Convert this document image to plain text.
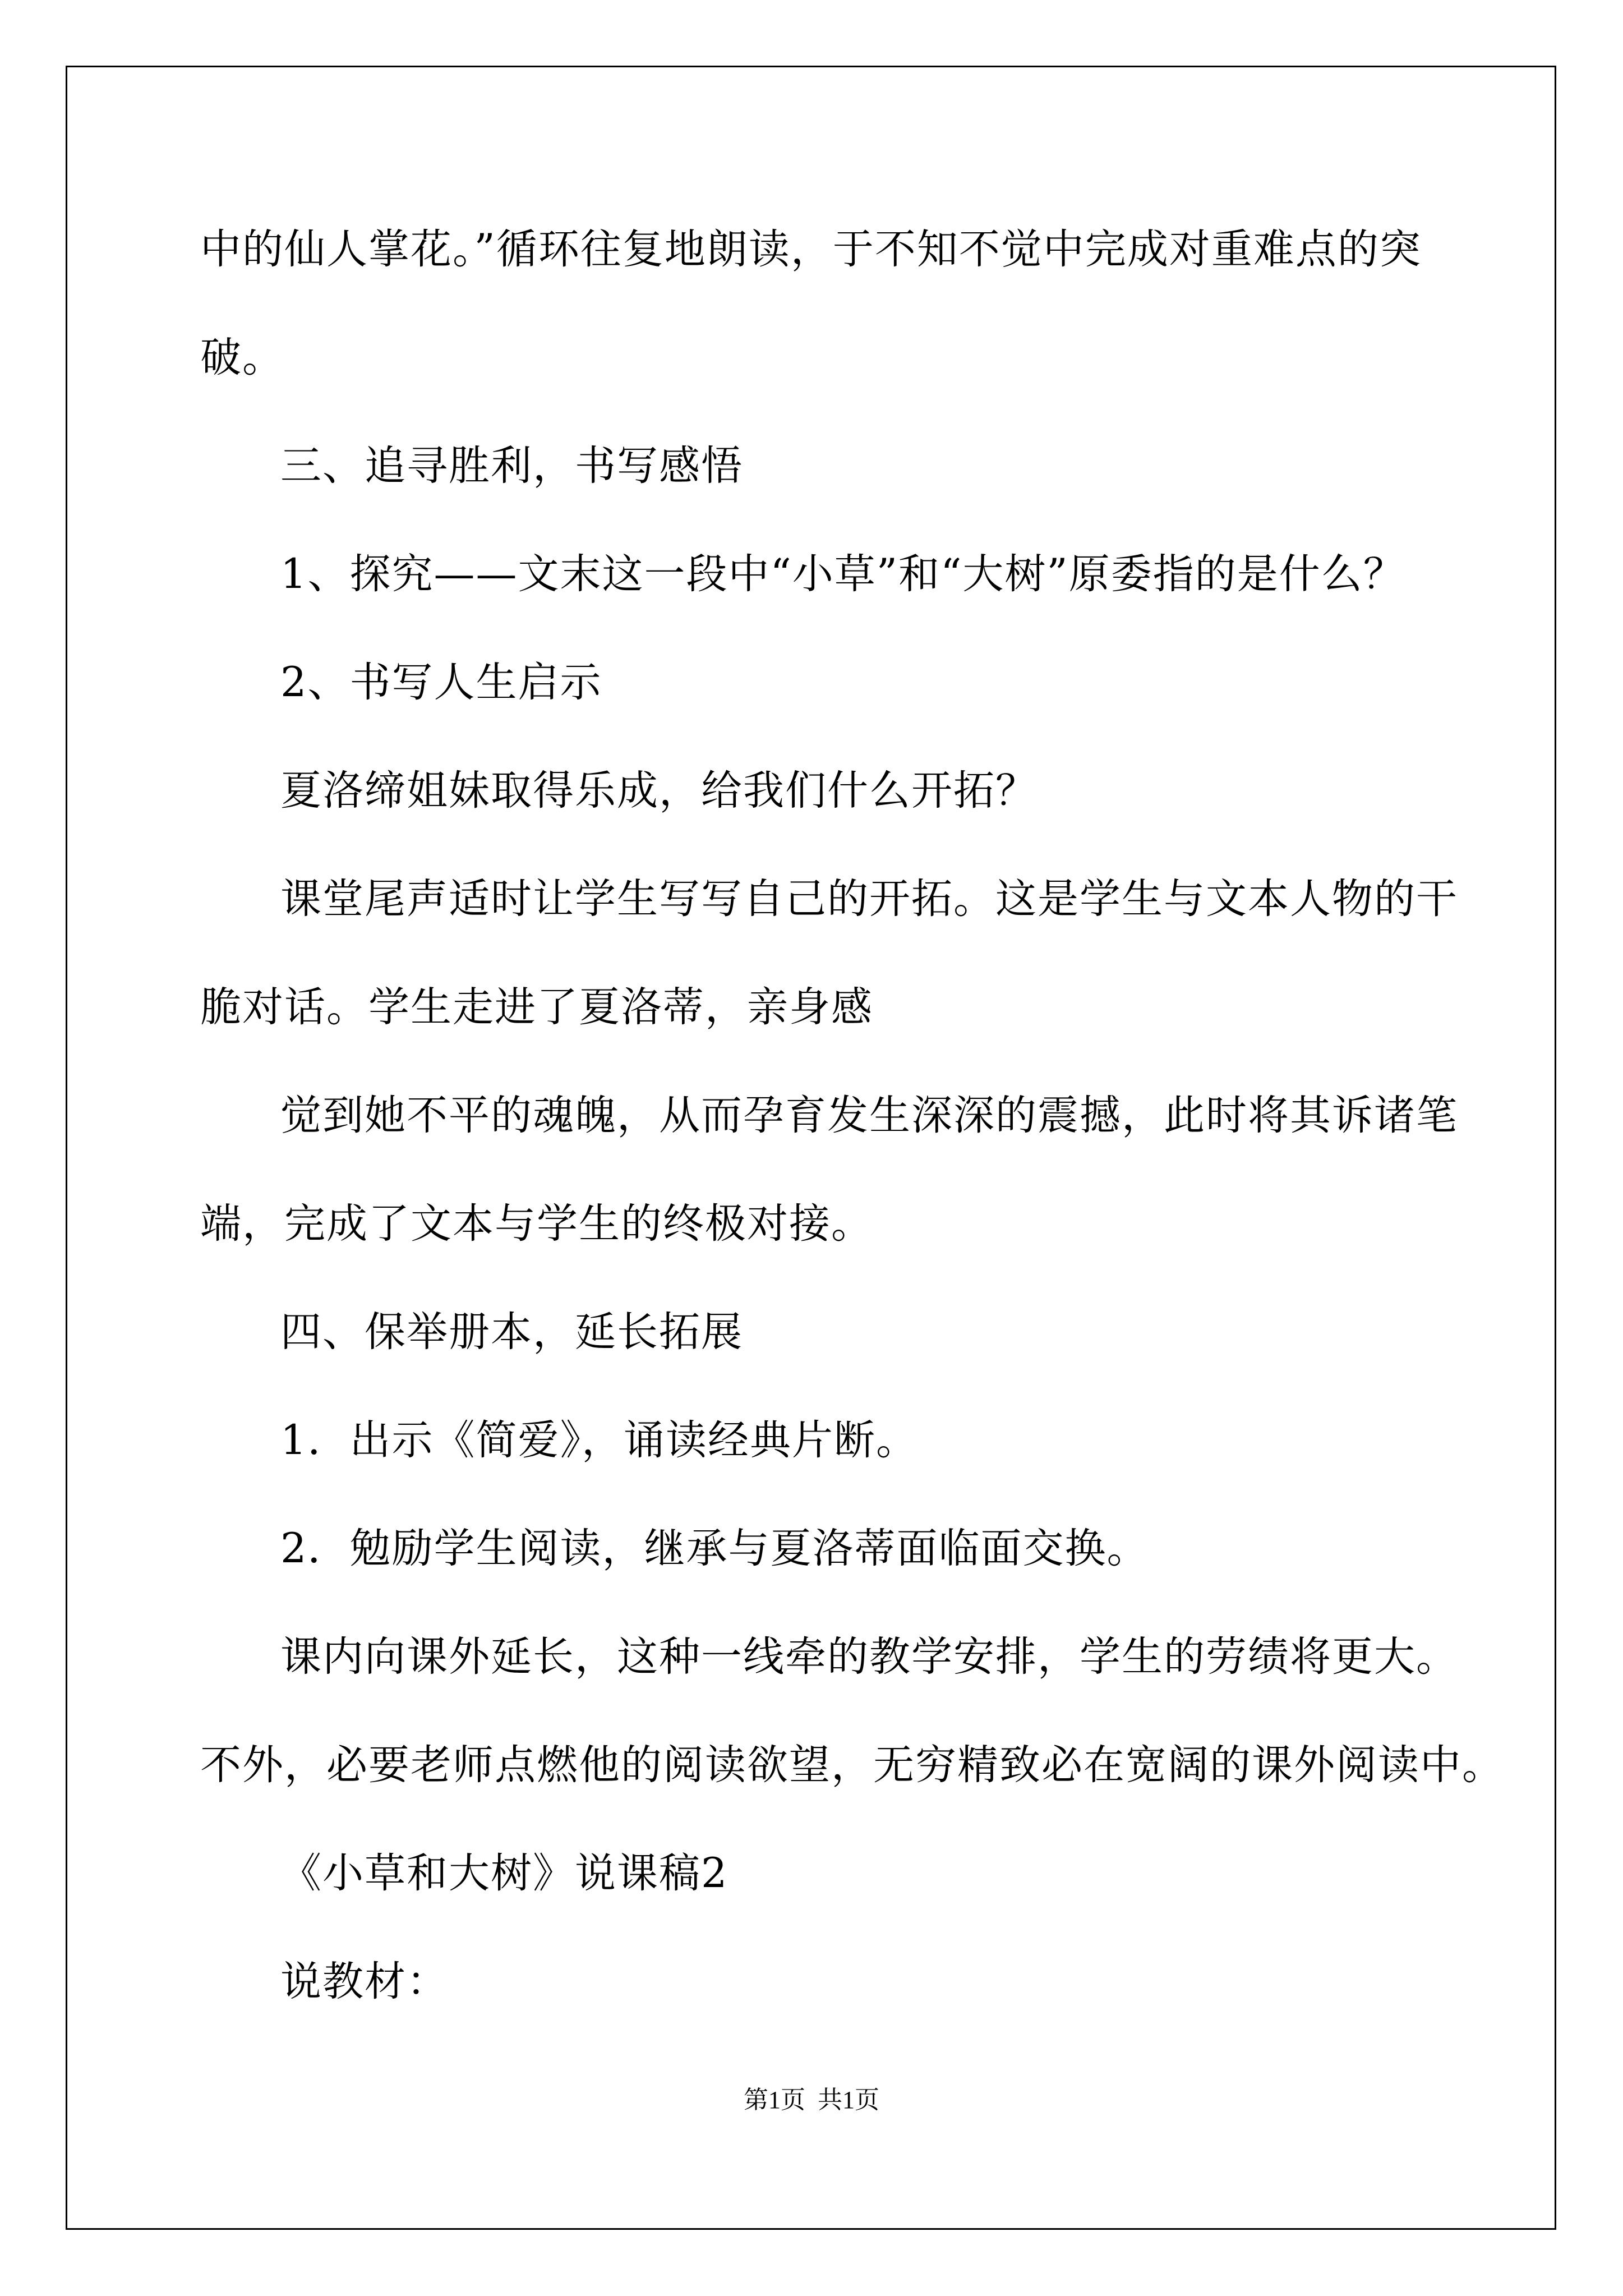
中的仙人掌花。”循环往复地朗读，于不知不觉中完成对重难点的突
破。
三、追寻胜利，书写感悟
1、探究——文末这一段中“小草”和“大树”原委指的是什么？
2、书写人生启示
夏洛缔姐妹取得乐成，给我们什么开拓？
课堂尾声适时让学生写写自己的开拓。这是学生与文本人物的干
脆对话。学生走进了夏洛蒂，亲身感
觉到她不平的魂魄，从而孕育发生深深的震撼，此时将其诉诸笔
端，完成了文本与学生的终极对接。
四、保举册本，延长拓展
1．出示《简爱》，诵读经典片断。
2．勉励学生阅读，继承与夏洛蒂面临面交换。
课内向课外延长，这种一线牵的教学安排，学生的劳绩将更大。
不外，必要老师点燃他的阅读欲望，无穷精致必在宽阔的课外阅读中。
《小草和大树》说课稿2
说教材：
第1页  共1页
